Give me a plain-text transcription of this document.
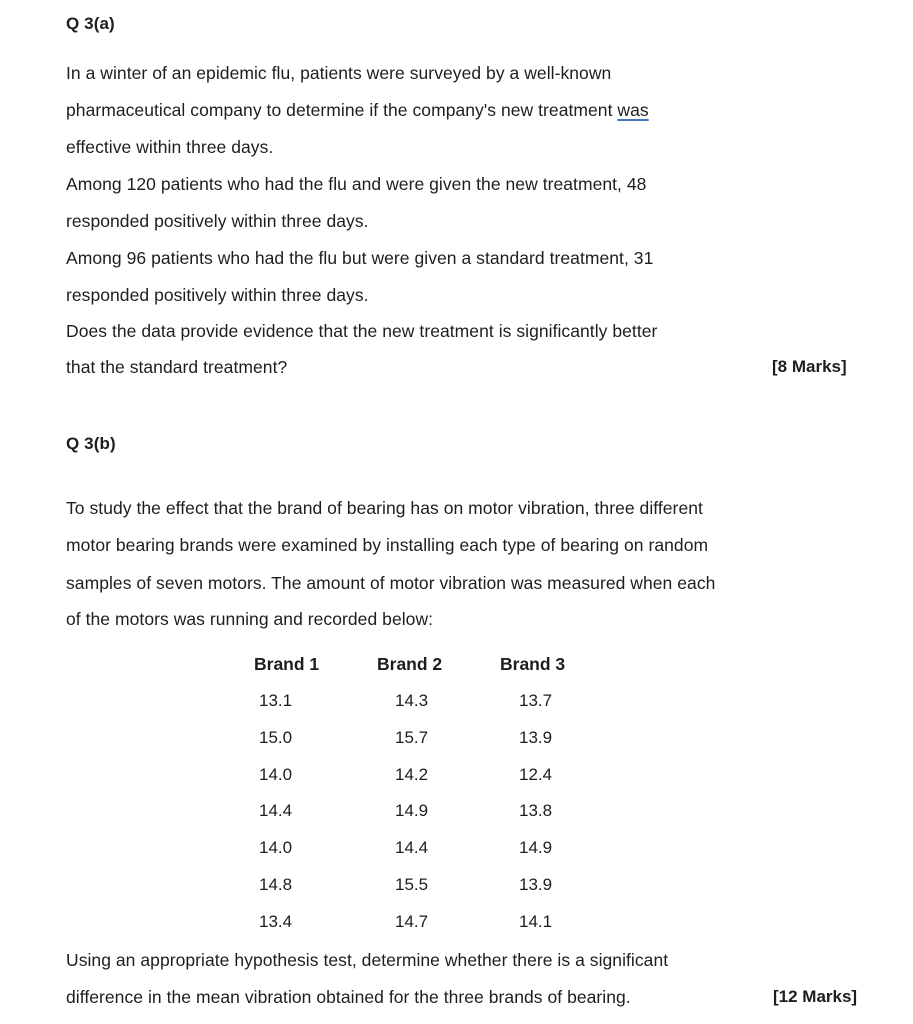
Q 3(a)
In a winter of an epidemic flu, patients were surveyed by a well-known
pharmaceutical company to determine if the company's new treatment was
effective within three days.
Among 120 patients who had the flu and were given the new treatment, 48
responded positively within three days.
Among 96 patients who had the flu but were given a standard treatment, 31
responded positively within three days.
Does the data provide evidence that the new treatment is significantly better
that the standard treatment?	[8 Marks]
Q 3(b)
To study the effect that the brand of bearing has on motor vibration, three different
motor bearing brands were examined by installing each type of bearing on random
samples of seven motors. The amount of motor vibration was measured when each
of the motors was running and recorded below:
Brand 1	Brand 2	Brand 3
13.1	14.3	13.7
15.0	15.7	13.9
14.0	14.2	12.4
14.4	14.9	13.8
14.0	14.4	14.9
14.8	15.5	13.9
13.4	14.7	14.1
Using an appropriate hypothesis test, determine whether there is a significant
difference in the mean vibration obtained for the three brands of bearing.	[12 Marks]
